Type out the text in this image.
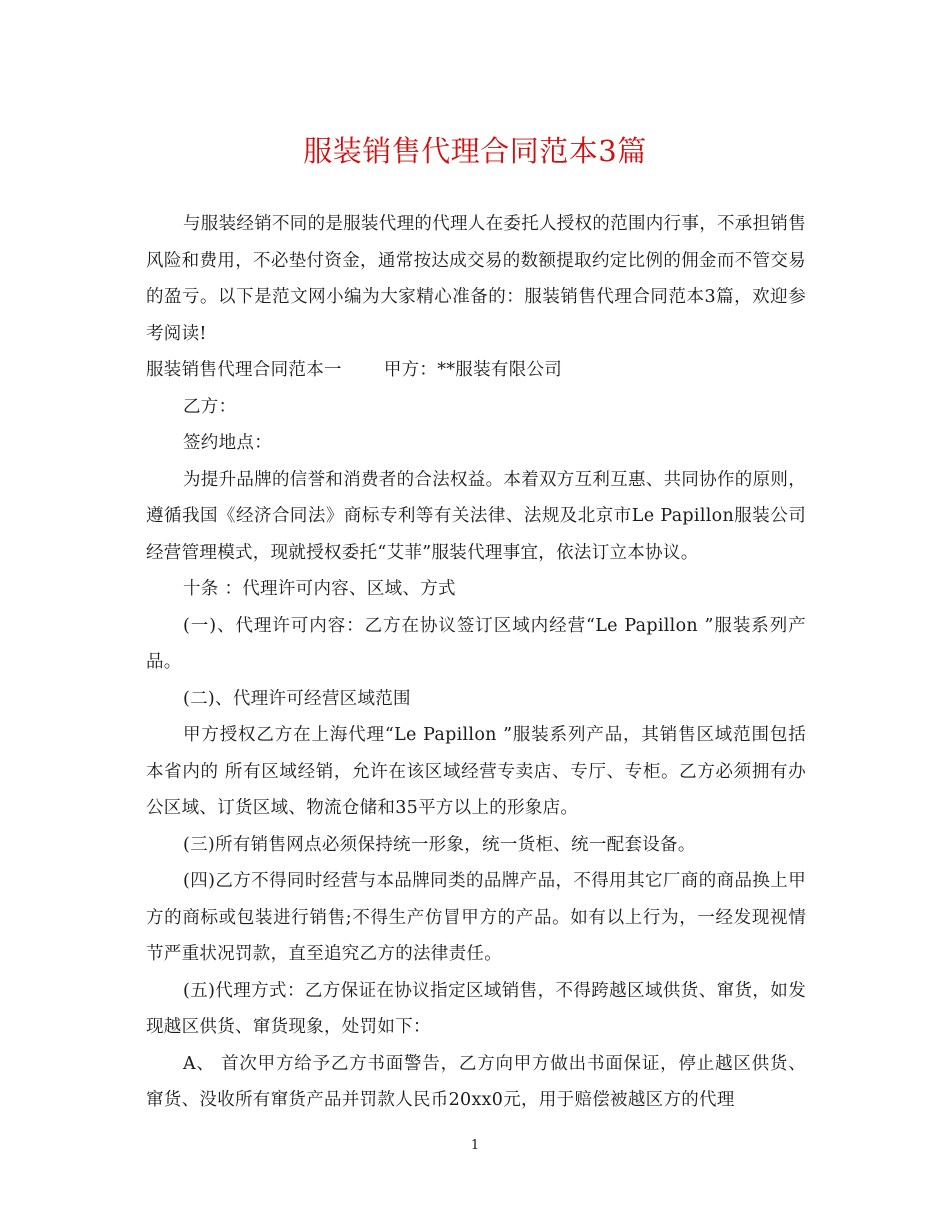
服装销售代理合同范本3篇

与服装经销不同的是服装代理的代理人在委托人授权的范围内行事，不承担销售风险和费用，不必垫付资金，通常按达成交易的数额提取约定比例的佣金而不管交易的盈亏。以下是范文网小编为大家精心准备的：服装销售代理合同范本3篇，欢迎参考阅读!

服装销售代理合同范本一 甲方：**服装有限公司

乙方：

签约地点：

为提升品牌的信誉和消费者的合法权益。本着双方互利互惠、共同协作的原则，遵循我国《经济合同法》商标专利等有关法律、法规及北京市Le Papillon服装公司经营管理模式，现就授权委托“艾菲”服装代理事宜，依法订立本协议。

十条 ：代理许可内容、区域、方式

(一)、代理许可内容：乙方在协议签订区域内经营“Le Papillon ”服装系列产品。

(二)、代理许可经营区域范围

甲方授权乙方在上海代理“Le Papillon ”服装系列产品，其销售区域范围包括本省内的 所有区域经销，允许在该区域经营专卖店、专厅、专柜。乙方必须拥有办公区域、订货区域、物流仓储和35平方以上的形象店。

(三)所有销售网点必须保持统一形象，统一货柜、统一配套设备。

(四)乙方不得同时经营与本品牌同类的品牌产品，不得用其它厂商的商品换上甲方的商标或包装进行销售;不得生产仿冒甲方的产品。如有以上行为，一经发现视情节严重状况罚款，直至追究乙方的法律责任。

(五)代理方式：乙方保证在协议指定区域销售，不得跨越区域供货、窜货，如发现越区供货、窜货现象，处罚如下：

A、 首次甲方给予乙方书面警告，乙方向甲方做出书面保证，停止越区供货、窜货、没收所有窜货产品并罚款人民币20xx0元，用于赔偿被越区方的代理

1
